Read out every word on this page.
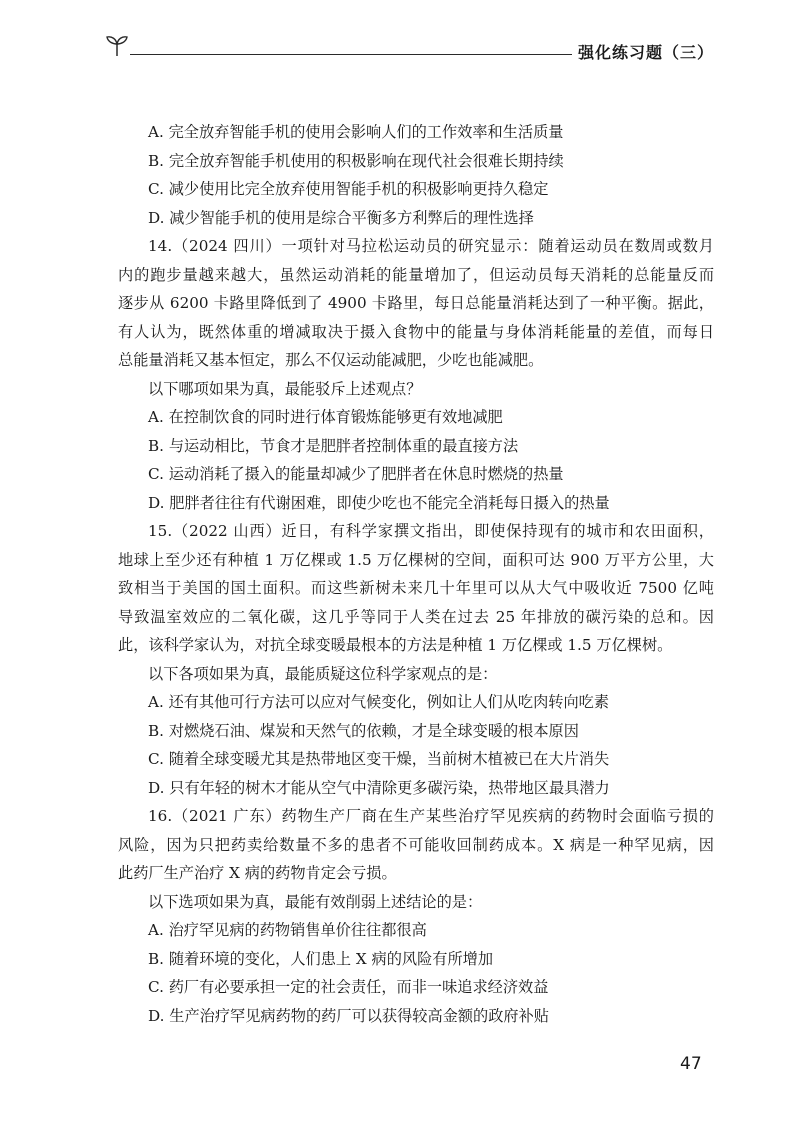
强化练习题（三）
A. 完全放弃智能手机的使用会影响人们的工作效率和生活质量
B. 完全放弃智能手机使用的积极影响在现代社会很难长期持续
C. 减少使用比完全放弃使用智能手机的积极影响更持久稳定
D. 减少智能手机的使用是综合平衡多方利弊后的理性选择
14.（2024 四川）一项针对马拉松运动员的研究显示：随着运动员在数周或数月
内的跑步量越来越大，虽然运动消耗的能量增加了，但运动员每天消耗的总能量反而
逐步从 6200 卡路里降低到了 4900 卡路里，每日总能量消耗达到了一种平衡。据此，
有人认为，既然体重的增减取决于摄入食物中的能量与身体消耗能量的差值，而每日
总能量消耗又基本恒定，那么不仅运动能减肥，少吃也能减肥。
以下哪项如果为真，最能驳斥上述观点？
A. 在控制饮食的同时进行体育锻炼能够更有效地减肥
B. 与运动相比，节食才是肥胖者控制体重的最直接方法
C. 运动消耗了摄入的能量却减少了肥胖者在休息时燃烧的热量
D. 肥胖者往往有代谢困难，即使少吃也不能完全消耗每日摄入的热量
15.（2022 山西）近日，有科学家撰文指出，即使保持现有的城市和农田面积，
地球上至少还有种植 1 万亿棵或 1.5 万亿棵树的空间，面积可达 900 万平方公里，大
致相当于美国的国土面积。而这些新树未来几十年里可以从大气中吸收近 7500 亿吨
导致温室效应的二氧化碳，这几乎等同于人类在过去 25 年排放的碳污染的总和。因
此，该科学家认为，对抗全球变暖最根本的方法是种植 1 万亿棵或 1.5 万亿棵树。
以下各项如果为真，最能质疑这位科学家观点的是：
A. 还有其他可行方法可以应对气候变化，例如让人们从吃肉转向吃素
B. 对燃烧石油、煤炭和天然气的依赖，才是全球变暖的根本原因
C. 随着全球变暖尤其是热带地区变干燥，当前树木植被已在大片消失
D. 只有年轻的树木才能从空气中清除更多碳污染，热带地区最具潜力
16.（2021 广东）药物生产厂商在生产某些治疗罕见疾病的药物时会面临亏损的
风险，因为只把药卖给数量不多的患者不可能收回制药成本。X 病是一种罕见病，因
此药厂生产治疗 X 病的药物肯定会亏损。
以下选项如果为真，最能有效削弱上述结论的是：
A. 治疗罕见病的药物销售单价往往都很高
B. 随着环境的变化，人们患上 X 病的风险有所增加
C. 药厂有必要承担一定的社会责任，而非一味追求经济效益
D. 生产治疗罕见病药物的药厂可以获得较高金额的政府补贴
47
